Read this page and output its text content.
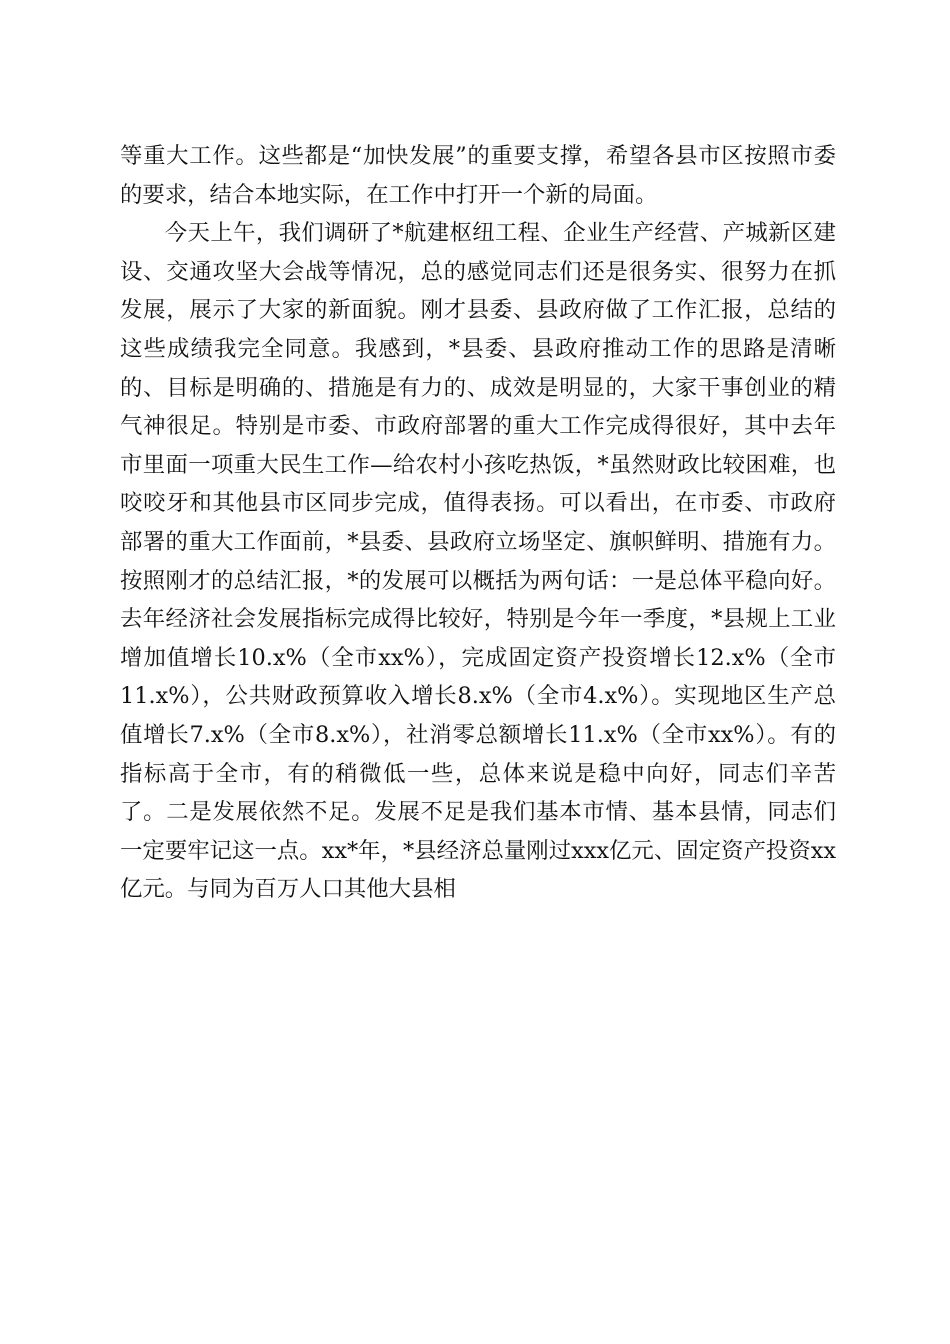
等重大工作。这些都是“加快发展”的重要支撑，希望各县市区按照市委的要求，结合本地实际，在工作中打开一个新的局面。

今天上午，我们调研了*航建枢纽工程、企业生产经营、产城新区建设、交通攻坚大会战等情况，总的感觉同志们还是很务实、很努力在抓发展，展示了大家的新面貌。刚才县委、县政府做了工作汇报，总结的这些成绩我完全同意。我感到，*县委、县政府推动工作的思路是清晰的、目标是明确的、措施是有力的、成效是明显的，大家干事创业的精气神很足。特别是市委、市政府部署的重大工作完成得很好，其中去年市里面一项重大民生工作—给农村小孩吃热饭，*虽然财政比较困难，也咬咬牙和其他县市区同步完成，值得表扬。可以看出，在市委、市政府部署的重大工作面前，*县委、县政府立场坚定、旗帜鲜明、措施有力。按照刚才的总结汇报，*的发展可以概括为两句话：一是总体平稳向好。去年经济社会发展指标完成得比较好，特别是今年一季度，*县规上工业增加值增长10.x%（全市xx%），完成固定资产投资增长12.x%（全市11.x%），公共财政预算收入增长8.x%（全市4.x%）。实现地区生产总值增长7.x%（全市8.x%），社消零总额增长11.x%（全市xx%）。有的指标高于全市，有的稍微低一些，总体来说是稳中向好，同志们辛苦了。二是发展依然不足。发展不足是我们基本市情、基本县情，同志们一定要牢记这一点。xx*年，*县经济总量刚过xxx亿元、固定资产投资xx亿元。与同为百万人口其他大县相
